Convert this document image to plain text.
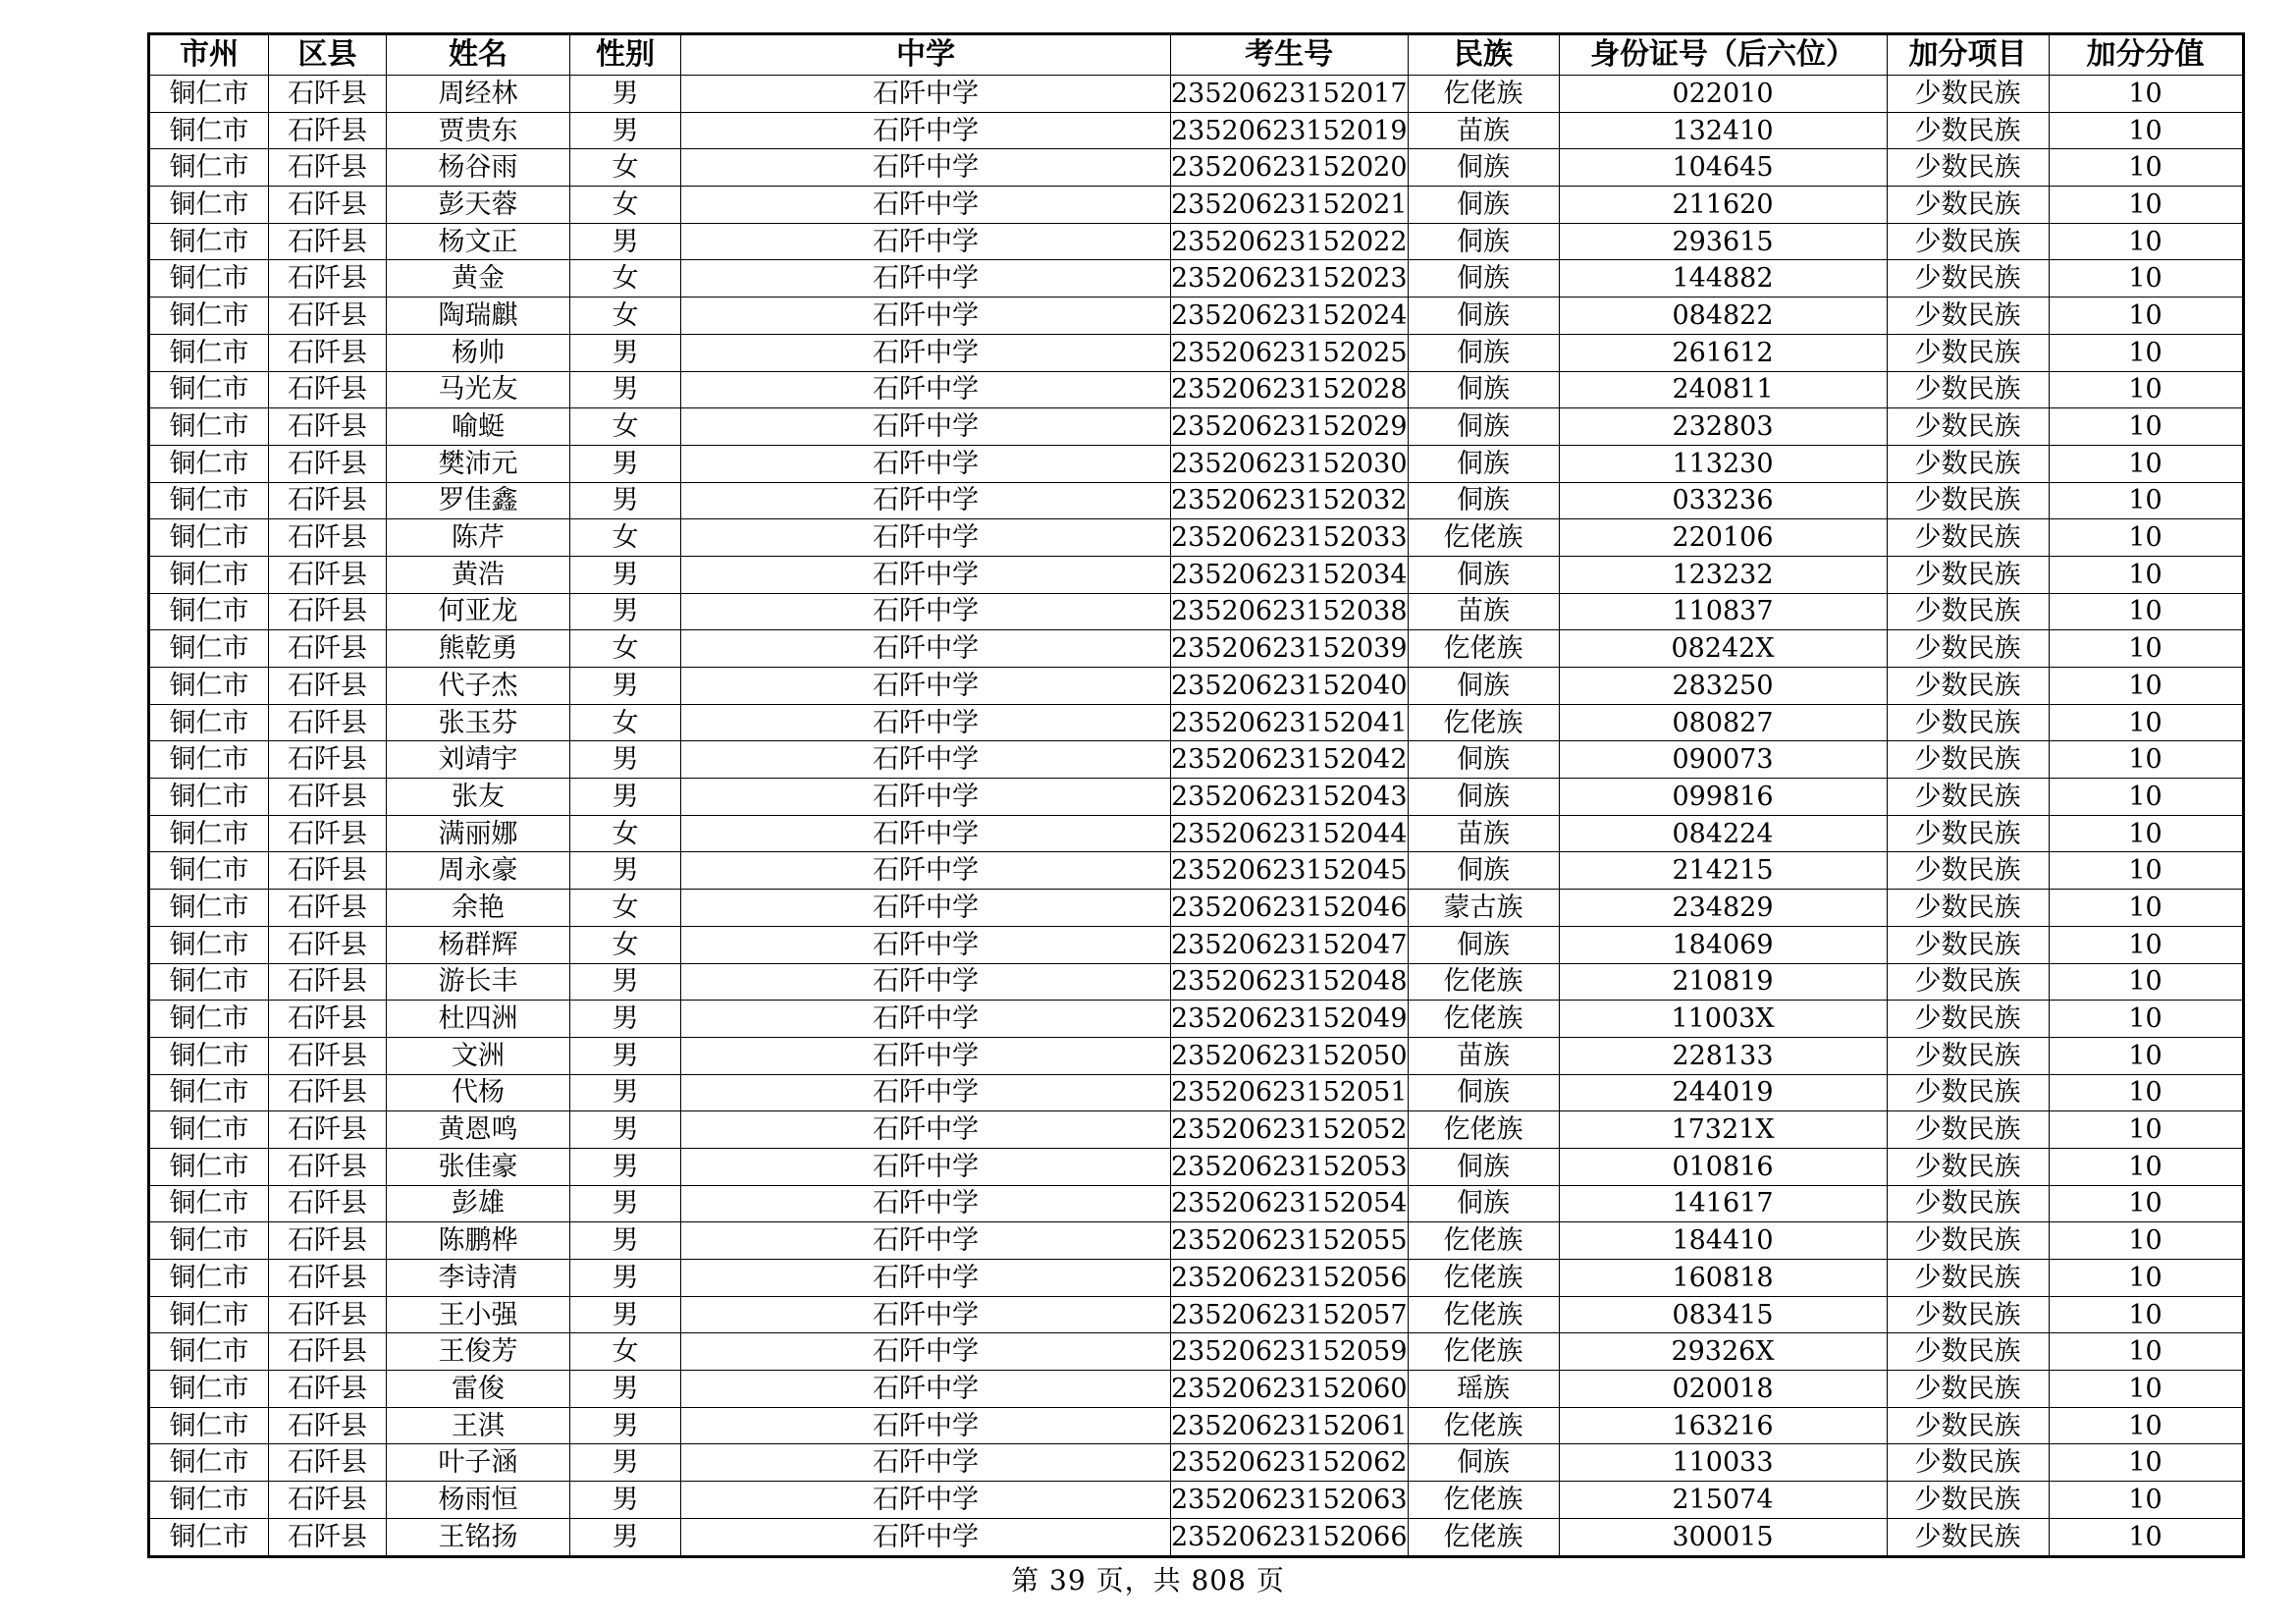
市州	区县	姓名	性别	中学	考生号	民族	身份证号（后六位）	加分项目	加分分值
铜仁市	石阡县	周经林	男	石阡中学	23520623152017	仡佬族	022010	少数民族	10
铜仁市	石阡县	贾贵东	男	石阡中学	23520623152019	苗族	132410	少数民族	10
铜仁市	石阡县	杨谷雨	女	石阡中学	23520623152020	侗族	104645	少数民族	10
铜仁市	石阡县	彭天蓉	女	石阡中学	23520623152021	侗族	211620	少数民族	10
铜仁市	石阡县	杨文正	男	石阡中学	23520623152022	侗族	293615	少数民族	10
铜仁市	石阡县	黄金	女	石阡中学	23520623152023	侗族	144882	少数民族	10
铜仁市	石阡县	陶瑞麒	女	石阡中学	23520623152024	侗族	084822	少数民族	10
铜仁市	石阡县	杨帅	男	石阡中学	23520623152025	侗族	261612	少数民族	10
铜仁市	石阡县	马光友	男	石阡中学	23520623152028	侗族	240811	少数民族	10
铜仁市	石阡县	喻蜓	女	石阡中学	23520623152029	侗族	232803	少数民族	10
铜仁市	石阡县	樊沛元	男	石阡中学	23520623152030	侗族	113230	少数民族	10
铜仁市	石阡县	罗佳鑫	男	石阡中学	23520623152032	侗族	033236	少数民族	10
铜仁市	石阡县	陈芹	女	石阡中学	23520623152033	仡佬族	220106	少数民族	10
铜仁市	石阡县	黄浩	男	石阡中学	23520623152034	侗族	123232	少数民族	10
铜仁市	石阡县	何亚龙	男	石阡中学	23520623152038	苗族	110837	少数民族	10
铜仁市	石阡县	熊乾勇	女	石阡中学	23520623152039	仡佬族	08242X	少数民族	10
铜仁市	石阡县	代子杰	男	石阡中学	23520623152040	侗族	283250	少数民族	10
铜仁市	石阡县	张玉芬	女	石阡中学	23520623152041	仡佬族	080827	少数民族	10
铜仁市	石阡县	刘靖宇	男	石阡中学	23520623152042	侗族	090073	少数民族	10
铜仁市	石阡县	张友	男	石阡中学	23520623152043	侗族	099816	少数民族	10
铜仁市	石阡县	满丽娜	女	石阡中学	23520623152044	苗族	084224	少数民族	10
铜仁市	石阡县	周永豪	男	石阡中学	23520623152045	侗族	214215	少数民族	10
铜仁市	石阡县	余艳	女	石阡中学	23520623152046	蒙古族	234829	少数民族	10
铜仁市	石阡县	杨群辉	女	石阡中学	23520623152047	侗族	184069	少数民族	10
铜仁市	石阡县	游长丰	男	石阡中学	23520623152048	仡佬族	210819	少数民族	10
铜仁市	石阡县	杜四洲	男	石阡中学	23520623152049	仡佬族	11003X	少数民族	10
铜仁市	石阡县	文洲	男	石阡中学	23520623152050	苗族	228133	少数民族	10
铜仁市	石阡县	代杨	男	石阡中学	23520623152051	侗族	244019	少数民族	10
铜仁市	石阡县	黄恩鸣	男	石阡中学	23520623152052	仡佬族	17321X	少数民族	10
铜仁市	石阡县	张佳豪	男	石阡中学	23520623152053	侗族	010816	少数民族	10
铜仁市	石阡县	彭雄	男	石阡中学	23520623152054	侗族	141617	少数民族	10
铜仁市	石阡县	陈鹏桦	男	石阡中学	23520623152055	仡佬族	184410	少数民族	10
铜仁市	石阡县	李诗清	男	石阡中学	23520623152056	仡佬族	160818	少数民族	10
铜仁市	石阡县	王小强	男	石阡中学	23520623152057	仡佬族	083415	少数民族	10
铜仁市	石阡县	王俊芳	女	石阡中学	23520623152059	仡佬族	29326X	少数民族	10
铜仁市	石阡县	雷俊	男	石阡中学	23520623152060	瑶族	020018	少数民族	10
铜仁市	石阡县	王淇	男	石阡中学	23520623152061	仡佬族	163216	少数民族	10
铜仁市	石阡县	叶子涵	男	石阡中学	23520623152062	侗族	110033	少数民族	10
铜仁市	石阡县	杨雨恒	男	石阡中学	23520623152063	仡佬族	215074	少数民族	10
铜仁市	石阡县	王铭扬	男	石阡中学	23520623152066	仡佬族	300015	少数民族	10
第 39 页，共 808 页
